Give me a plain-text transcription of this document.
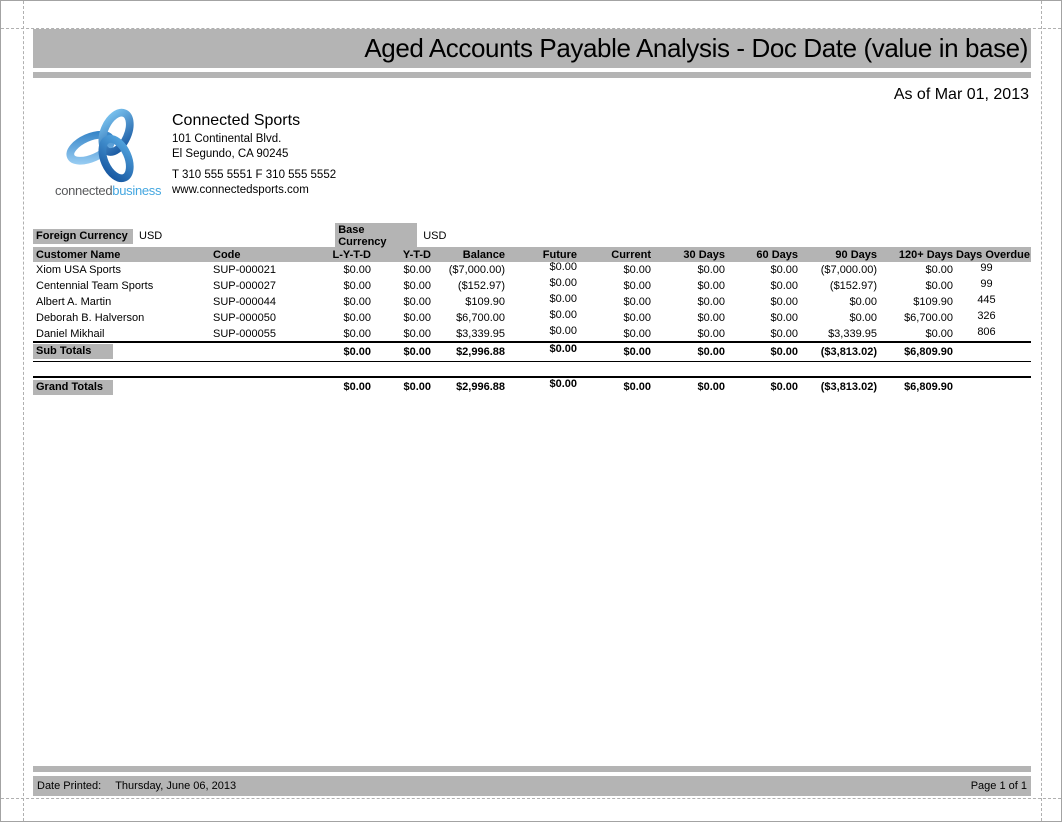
Aged Accounts Payable Analysis - Doc Date (value in base)
As of Mar 01, 2013
connectedbusiness
Connected Sports
101 Continental Blvd.
El Segundo, CA 90245
T 310 555 5551 F 310 555 5552
www.connectedsports.com
Foreign Currency	USD
Base Currency	USD
Customer Name	Code	L-Y-T-D	Y-T-D	Balance	Future	Current	30 Days	60 Days	90 Days	120+ Days	Days Overdue
Xiom USA Sports	SUP-000021	$0.00	$0.00	($7,000.00)	$0.00	$0.00	$0.00	$0.00	($7,000.00)	$0.00	99
Centennial Team Sports	SUP-000027	$0.00	$0.00	($152.97)	$0.00	$0.00	$0.00	$0.00	($152.97)	$0.00	99
Albert A. Martin	SUP-000044	$0.00	$0.00	$109.90	$0.00	$0.00	$0.00	$0.00	$0.00	$109.90	445
Deborah B. Halverson	SUP-000050	$0.00	$0.00	$6,700.00	$0.00	$0.00	$0.00	$0.00	$0.00	$6,700.00	326
Daniel Mikhail	SUP-000055	$0.00	$0.00	$3,339.95	$0.00	$0.00	$0.00	$0.00	$3,339.95	$0.00	806
Sub Totals		$0.00	$0.00	$2,996.88	$0.00	$0.00	$0.00	$0.00	($3,813.02)	$6,809.90	

Grand Totals		$0.00	$0.00	$2,996.88	$0.00	$0.00	$0.00	$0.00	($3,813.02)	$6,809.90	
Date Printed: Thursday, June 06, 2013	Page 1 of 1
